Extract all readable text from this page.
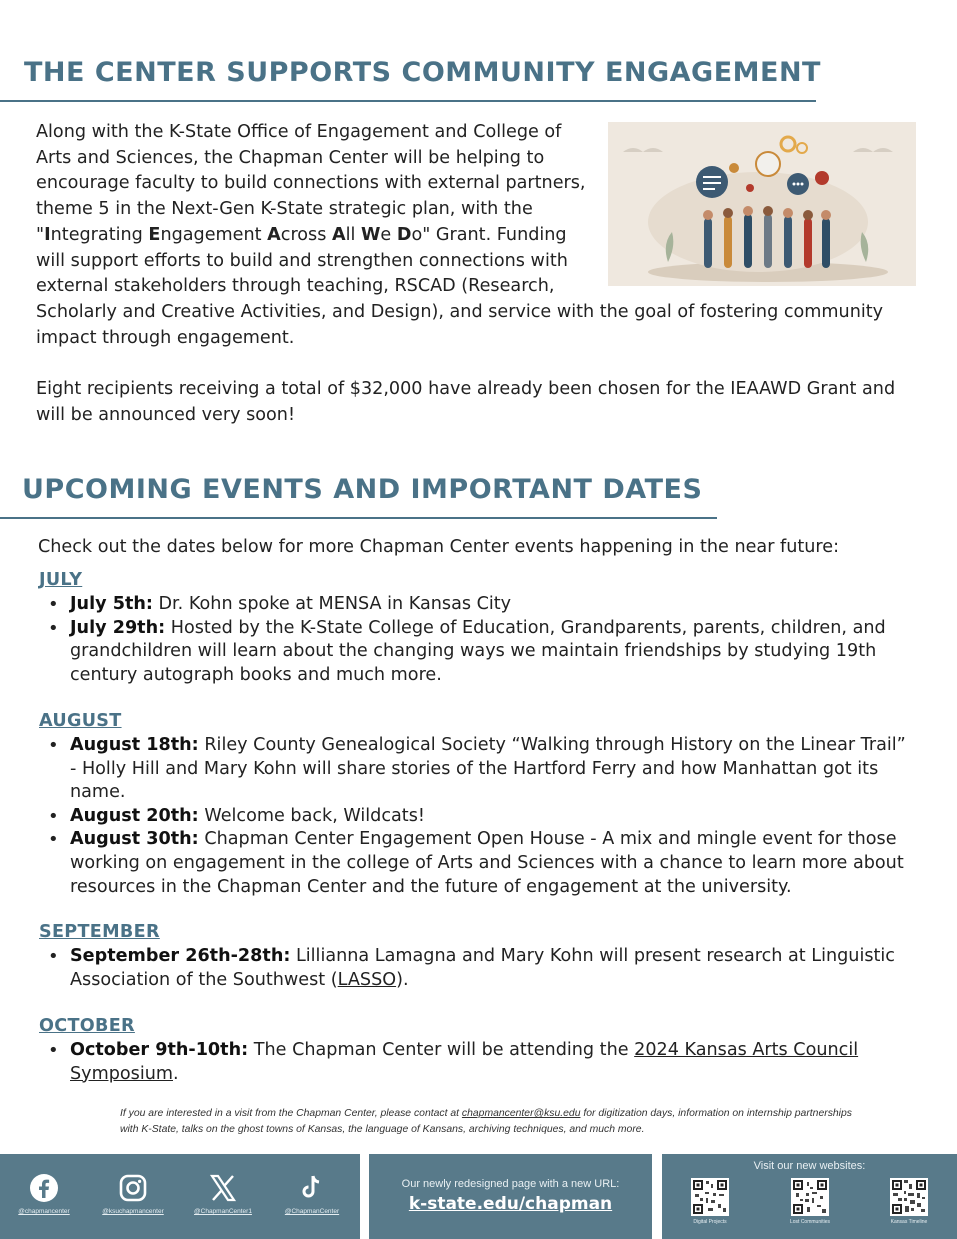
THE CENTER SUPPORTS COMMUNITY ENGAGEMENT
Along with the K-State Office of Engagement and College of Arts and Sciences, the Chapman Center will be helping to encourage faculty to build connections with external partners, theme 5 in the Next-Gen K-State strategic plan, with the "Integrating Engagement Across All We Do" Grant. Funding will support efforts to build and strengthen connections with external stakeholders through teaching, RSCAD (Research, Scholarly and Creative Activities, and Design), and service with the goal of fostering community impact through engagement.

Eight recipients receiving a total of $32,000 have already been chosen for the IEAAWD Grant and will be announced very soon!

UPCOMING EVENTS AND IMPORTANT DATES

Check out the dates below for more Chapman Center events happening in the near future:

JULY
• July 5th: Dr. Kohn spoke at MENSA in Kansas City
• July 29th: Hosted by the K-State College of Education, Grandparents, parents, children, and grandchildren will learn about the changing ways we maintain friendships by studying 19th century autograph books and much more.
AUGUST
• August 18th: Riley County Genealogical Society “Walking through History on the Linear Trail” - Holly Hill and Mary Kohn will share stories of the Hartford Ferry and how Manhattan got its name.
• August 20th: Welcome back, Wildcats!
• August 30th: Chapman Center Engagement Open House - A mix and mingle event for those working on engagement in the college of Arts and Sciences with a chance to learn more about resources in the Chapman Center and the future of engagement at the university.
SEPTEMBER
• September 26th-28th: Lillianna Lamagna and Mary Kohn will present research at Linguistic Association of the Southwest (LASSO).
OCTOBER
• October 9th-10th: The Chapman Center will be attending the 2024 Kansas Arts Council Symposium.

If you are interested in a visit from the Chapman Center, please contact at chapmancenter@ksu.edu for digitization days, information on internship partnerships with K-State, talks on the ghost towns of Kansas, the language of Kansans, archiving techniques, and much more.

@chapmancenter	@ksuchapmancenter	@ChapmanCenter1	@ChapmanCenter
Our newly redesigned page with a new URL:
k-state.edu/chapman
Visit our new websites:
Digital Projects	Lost Communities	Kansas Timeline
